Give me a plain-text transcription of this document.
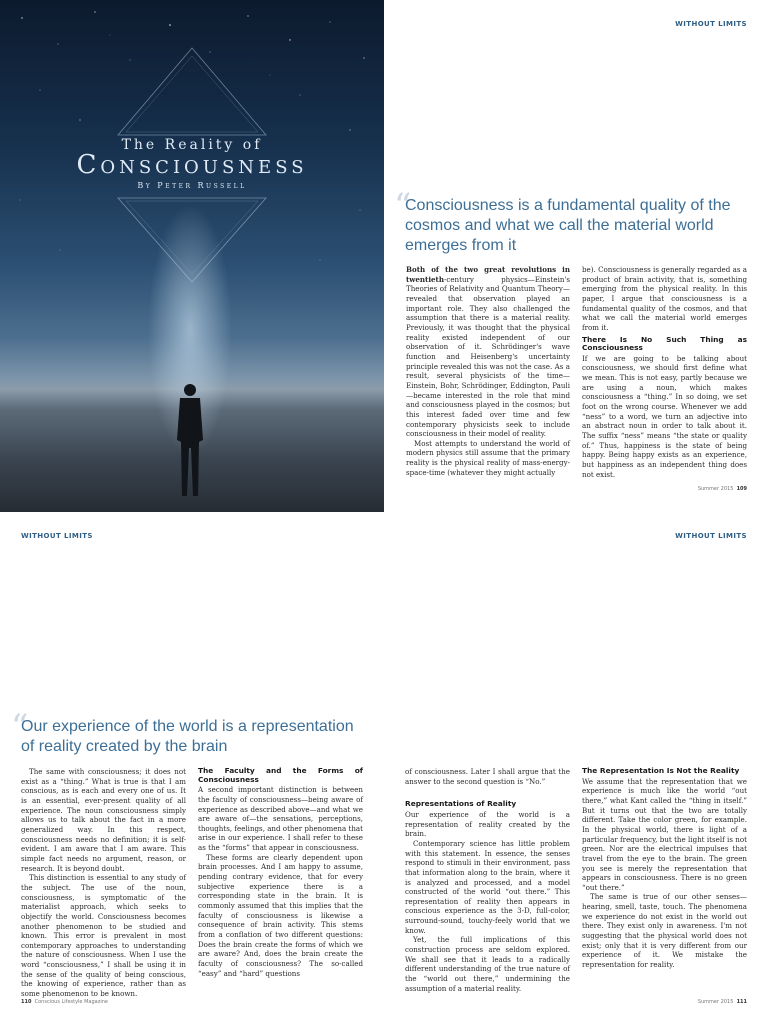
The Reality of
Consciousness
By Peter Russell
WITHOUT LIMITS
“
Consciousness is a fundamental quality of the cosmos and what we call the material world emerges from it

Both of the two great revolutions in twentieth-century physics—Einstein's Theories of Relativity and Quantum Theory—revealed that observation played an important role. They also challenged the assumption that there is a material reality. Previously, it was thought that the physical reality existed independent of our observation of it. Schrödinger's wave function and Heisenberg's uncertainty principle revealed this was not the case. As a result, several physicists of the time—Einstein, Bohr, Schrödinger, Eddington, Pauli—became interested in the role that mind and consciousness played in the cosmos; but this interest faded over time and few contemporary physicists seek to include consciousness in their model of reality.

Most attempts to understand the world of modern physics still assume that the primary reality is the physical reality of mass-energy-space-time (whatever they might actually

be). Consciousness is generally regarded as a product of brain activity, that is, something emerging from the physical reality. In this paper, I argue that consciousness is a fundamental quality of the cosmos, and that what we call the material world emerges from it.

There Is No Such Thing as Consciousness

If we are going to be talking about consciousness, we should first define what we mean. This is not easy, partly because we are using a noun, which makes consciousness a “thing.” In so doing, we set foot on the wrong course. Whenever we add “ness” to a word, we turn an adjective into an abstract noun in order to talk about it. The suffix “ness” means “the state or quality of.” Thus, happiness is the state of being happy. Being happy exists as an experience, but happiness as an independent thing does not exist.

Summer 2015 109
WITHOUT LIMITS
“
Our experience of the world is a representation of reality created by the brain

The same with consciousness; it does not exist as a “thing.” What is true is that I am conscious, as is each and every one of us. It is an essential, ever-present quality of all experience. The noun consciousness simply allows us to talk about the fact in a more generalized way. In this respect, consciousness needs no definition; it is self-evident. I am aware that I am aware. This simple fact needs no argument, reason, or research. It is beyond doubt.

This distinction is essential to any study of the subject. The use of the noun, consciousness, is symptomatic of the materialist approach, which seeks to objectify the world. Consciousness becomes another phenomenon to be studied and known. This error is prevalent in most contemporary approaches to understanding the nature of consciousness. When I use the word “consciousness,” I shall be using it in the sense of the quality of being conscious, the knowing of experience, rather than as some phenomenon to be known.

The Faculty and the Forms of Consciousness

A second important distinction is between the faculty of consciousness—being aware of experience as described above—and what we are aware of—the sensations, perceptions, thoughts, feelings, and other phenomena that arise in our experience. I shall refer to these as the “forms” that appear in consciousness.

These forms are clearly dependent upon brain processes. And I am happy to assume, pending contrary evidence, that for every subjective experience there is a corresponding state in the brain. It is commonly assumed that this implies that the faculty of consciousness is likewise a consequence of brain activity. This stems from a conflation of two different questions: Does the brain create the forms of which we are aware? And, does the brain create the faculty of consciousness? The so-called “easy” and “hard” questions

110 Conscious Lifestyle Magazine
WITHOUT LIMITS

of consciousness. Later I shall argue that the answer to the second question is “No.”

Representations of Reality

Our experience of the world is a representation of reality created by the brain.

Contemporary science has little problem with this statement. In essence, the senses respond to stimuli in their environment, pass that information along to the brain, where it is analyzed and processed, and a model constructed of the world “out there.” This representation of reality then appears in conscious experience as the 3-D, full-color, surround-sound, touchy-feely world that we know.

Yet, the full implications of this construction process are seldom explored. We shall see that it leads to a radically different understanding of the true nature of the “world out there,” undermining the assumption of a material reality.

The Representation Is Not the Reality

We assume that the representation that we experience is much like the world “out there,” what Kant called the “thing in itself.” But it turns out that the two are totally different. Take the color green, for example. In the physical world, there is light of a particular frequency, but the light itself is not green. Nor are the electrical impulses that travel from the eye to the brain. The green you see is merely the representation that appears in consciousness. There is no green “out there.”

The same is true of our other senses—hearing, smell, taste, touch. The phenomena we experience do not exist in the world out there. They exist only in awareness. I'm not suggesting that the physical world does not exist; only that it is very different from our experience of it. We mistake the representation for reality.

Summer 2015 111
